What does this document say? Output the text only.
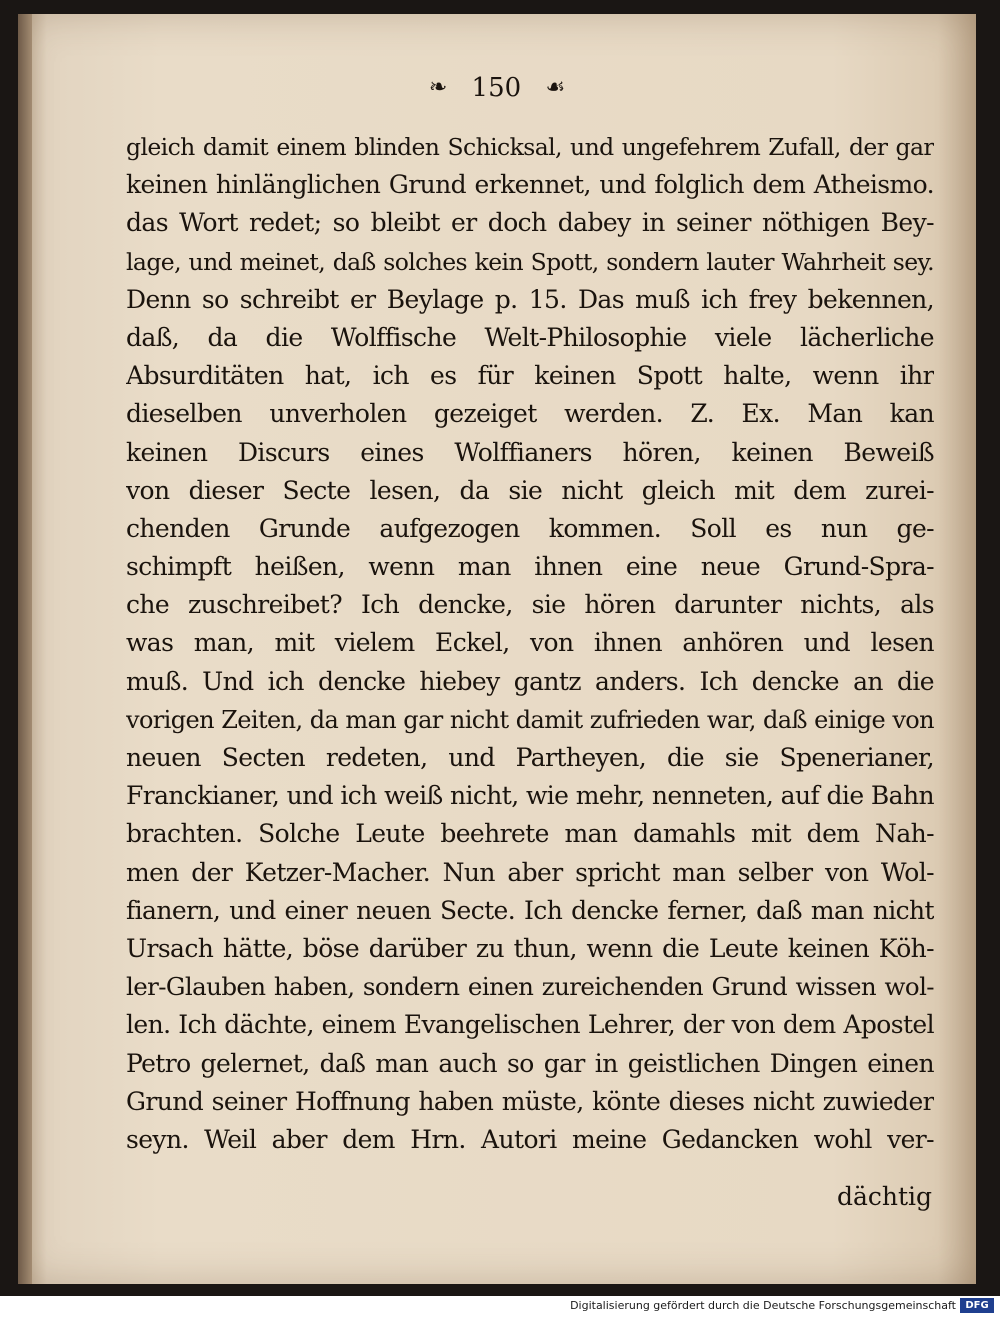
❧ 150 ☙
gleich damit einem blinden Schicksal, und ungefehrem Zufall, der gar
keinen hinlänglichen Grund erkennet, und folglich dem Atheismo.
das Wort redet; so bleibt er doch dabey in seiner nöthigen Bey-
lage, und meinet, daß solches kein Spott, sondern lauter Wahrheit sey.
Denn so schreibt er Beylage p. 15. Das muß ich frey bekennen,
daß, da die Wolffische Welt-Philosophie viele lächerliche
Absurditäten hat, ich es für keinen Spott halte, wenn ihr
dieselben unverholen gezeiget werden. Z. Ex. Man kan
keinen Discurs eines Wolffianers hören, keinen Beweiß
von dieser Secte lesen, da sie nicht gleich mit dem zurei-
chenden Grunde aufgezogen kommen. Soll es nun ge-
schimpft heißen, wenn man ihnen eine neue Grund-Spra-
che zuschreibet? Ich dencke, sie hören darunter nichts, als
was man, mit vielem Eckel, von ihnen anhören und lesen
muß. Und ich dencke hiebey gantz anders. Ich dencke an die
vorigen Zeiten, da man gar nicht damit zufrieden war, daß einige von
neuen Secten redeten, und Partheyen, die sie Spenerianer,
Franckianer, und ich weiß nicht, wie mehr, nenneten, auf die Bahn
brachten. Solche Leute beehrete man damahls mit dem Nah-
men der Ketzer-Macher. Nun aber spricht man selber von Wol-
fianern, und einer neuen Secte. Ich dencke ferner, daß man nicht
Ursach hätte, böse darüber zu thun, wenn die Leute keinen Köh-
ler-Glauben haben, sondern einen zureichenden Grund wissen wol-
len. Ich dächte, einem Evangelischen Lehrer, der von dem Apostel
Petro gelernet, daß man auch so gar in geistlichen Dingen einen
Grund seiner Hoffnung haben müste, könte dieses nicht zuwieder
seyn. Weil aber dem Hrn. Autori meine Gedancken wohl ver-
dächtig
Digitalisierung gefördert durch die Deutsche Forschungsgemeinschaft DFG
